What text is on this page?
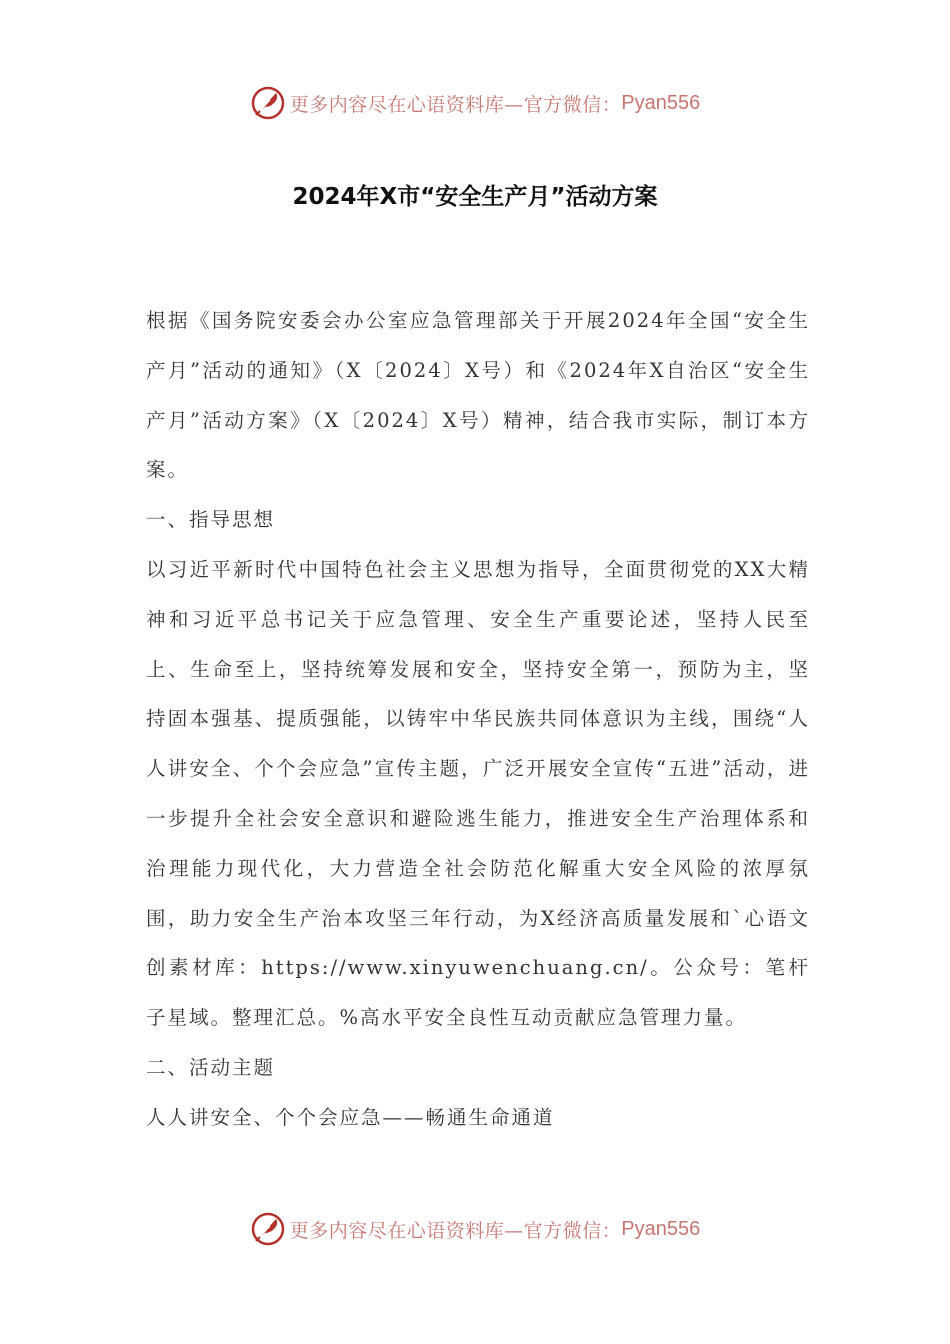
更多内容尽在心语资料库—官方微信： Pyan556
2024年X市“安全生产月”活动方案

根据《国务院安委会办公室应急管理部关于开展2024年全国“安全生产月”活动的通知》（X〔2024〕X号）和《2024年X自治区“安全生产月”活动方案》（X〔2024〕X号）精神，结合我市实际，制订本方案。

一、指导思想

以习近平新时代中国特色社会主义思想为指导，全面贯彻党的XX大精神和习近平总书记关于应急管理、安全生产重要论述，坚持人民至上、生命至上，坚持统筹发展和安全，坚持安全第一，预防为主，坚持固本强基、提质强能，以铸牢中华民族共同体意识为主线，围绕“人人讲安全、个个会应急”宣传主题，广泛开展安全宣传“五进”活动，进一步提升全社会安全意识和避险逃生能力，推进安全生产治理体系和治理能力现代化，大力营造全社会防范化解重大安全风险的浓厚氛围，助力安全生产治本攻坚三年行动，为X经济高质量发展和`心语文创素材库：https://www.xinyuwenchuang.cn/。公众号：笔杆子星域。整理汇总。%高水平安全良性互动贡献应急管理力量。

二、活动主题

人人讲安全、个个会应急——畅通生命通道

更多内容尽在心语资料库—官方微信： Pyan556
